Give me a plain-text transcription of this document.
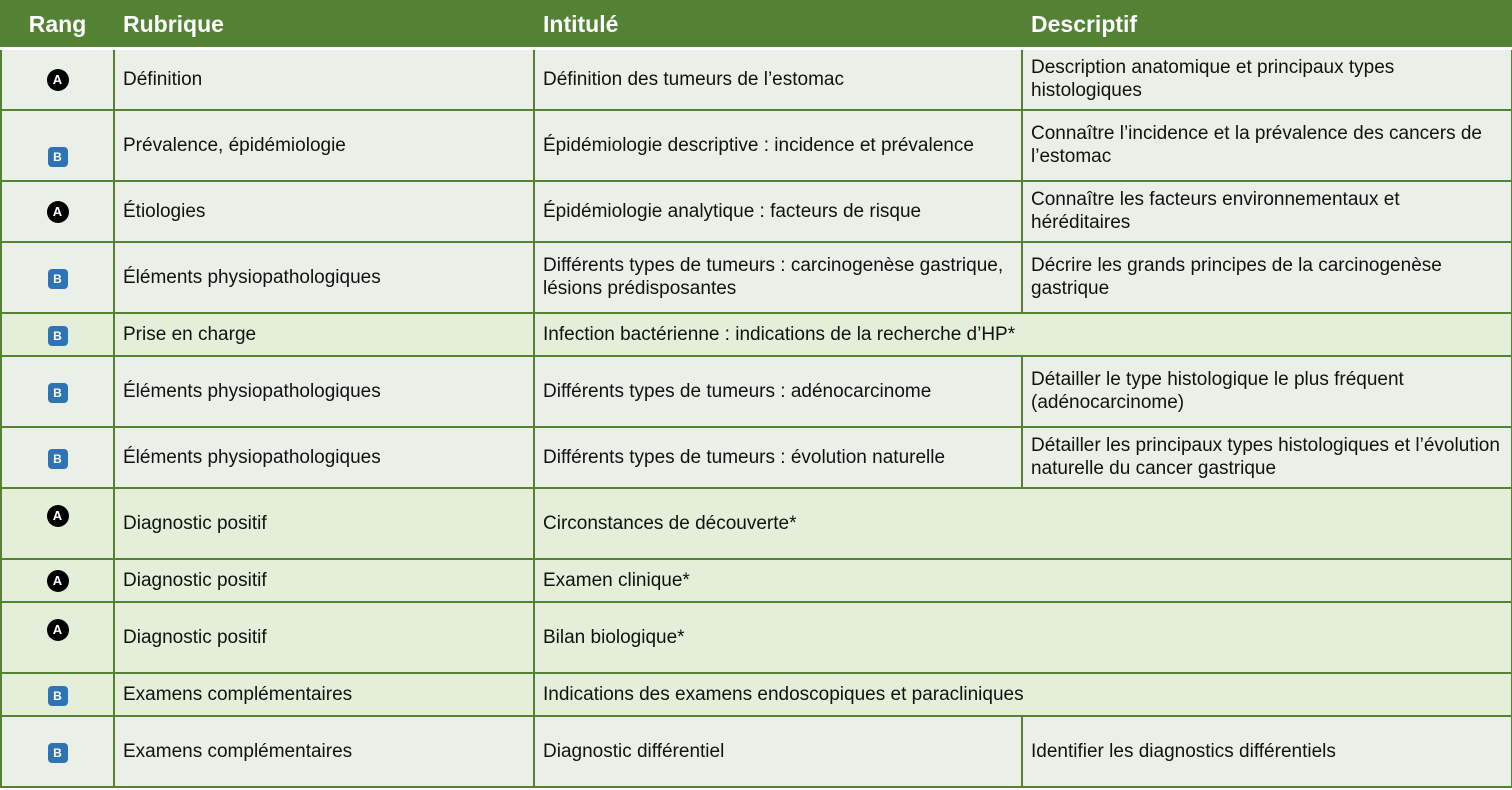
Rang	Rubrique	Intitulé	Descriptif
A	Définition	Définition des tumeurs de l’estomac	Description anatomique et principaux types histologiques
B	Prévalence, épidémiologie	Épidémiologie descriptive : incidence et prévalence	Connaître l’incidence et la prévalence des cancers de l’estomac
A	Étiologies	Épidémiologie analytique : facteurs de risque	Connaître les facteurs environnementaux et héréditaires
B	Éléments physiopathologiques	Différents types de tumeurs : carcinogenèse gastrique, lésions prédisposantes	Décrire les grands principes de la carcinogenèse gastrique
B	Prise en charge	Infection bactérienne : indications de la recherche d’HP*	
B	Éléments physiopathologiques	Différents types de tumeurs : adénocarcinome	Détailler le type histologique le plus fréquent (adénocarcinome)
B	Éléments physiopathologiques	Différents types de tumeurs : évolution naturelle	Détailler les principaux types histologiques et l’évolution naturelle du cancer gastrique
A	Diagnostic positif	Circonstances de découverte*	
A	Diagnostic positif	Examen clinique*	
A	Diagnostic positif	Bilan biologique*	
B	Examens complémentaires	Indications des examens endoscopiques et paracliniques	
B	Examens complémentaires	Diagnostic différentiel	Identifier les diagnostics différentiels
